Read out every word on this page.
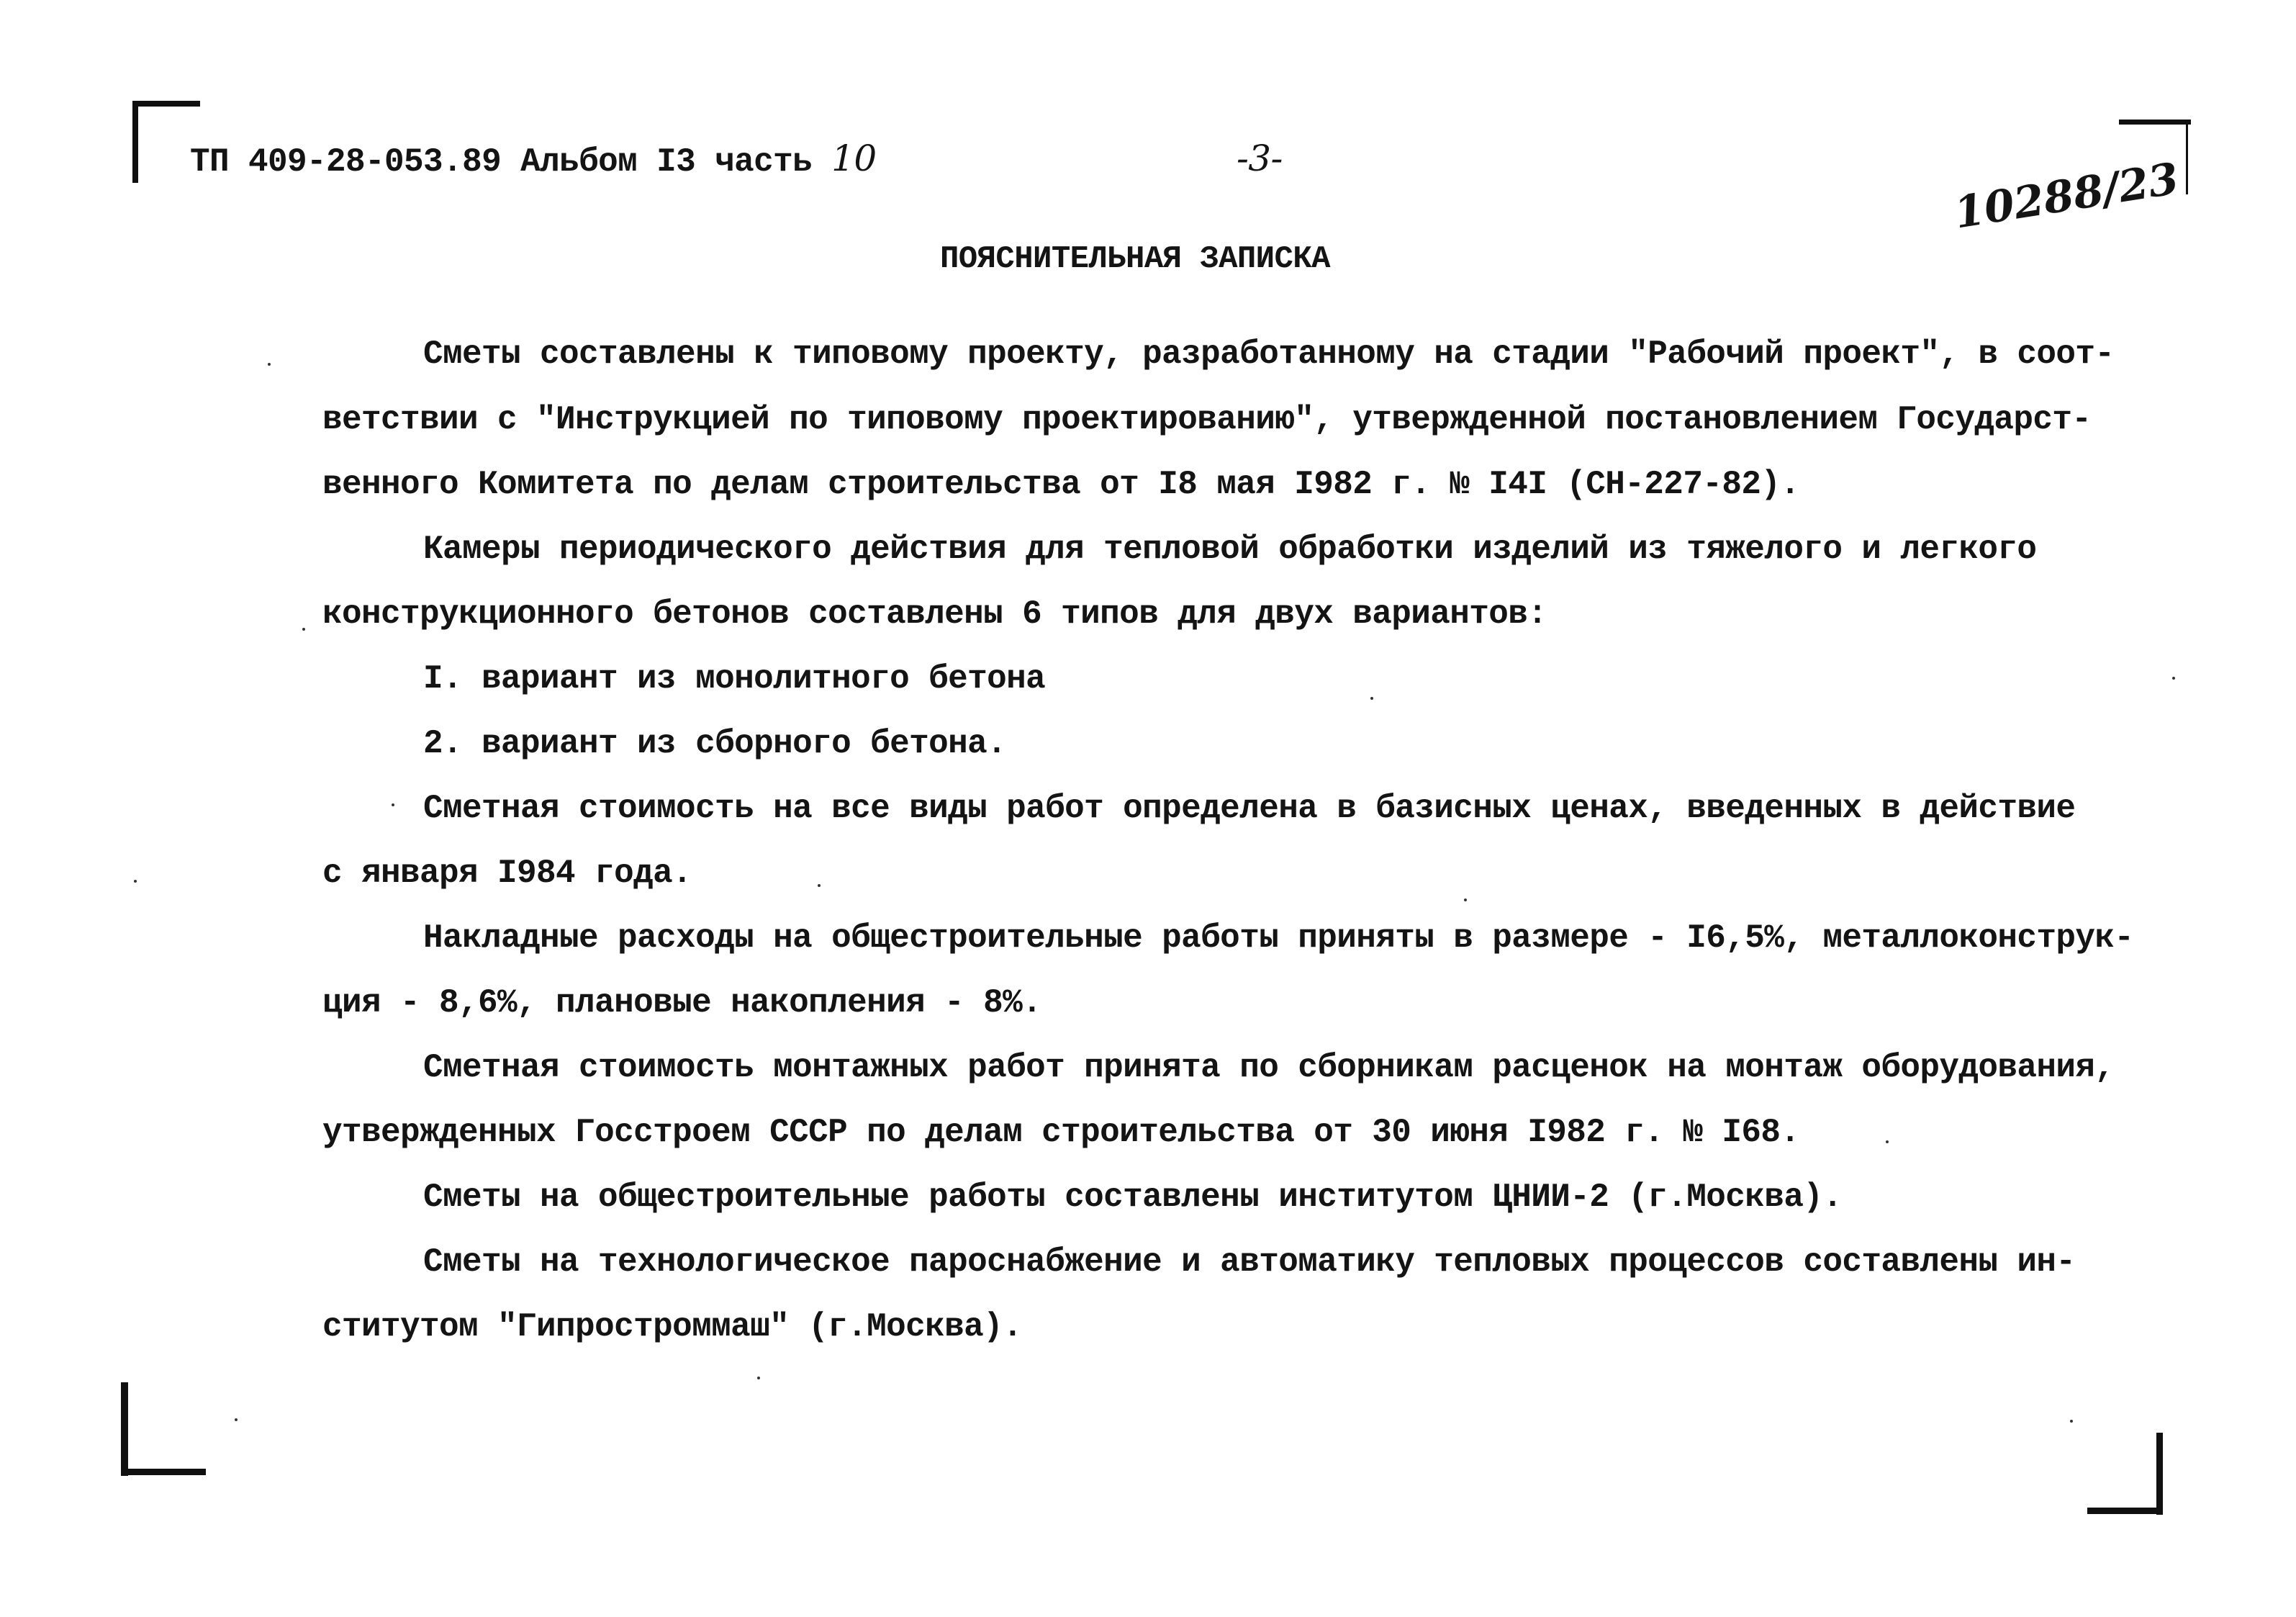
ТП 409-28-053.89 Альбом I3 часть 10	-3-	10288/23
ПОЯСНИТЕЛЬНАЯ ЗАПИСКА
Сметы составлены к типовому проекту, разработанному на стадии "Рабочий проект", в соот-
ветствии с "Инструкцией по типовому проектированию", утвержденной постановлением Государст-
венного Комитета по делам строительства от I8 мая I982 г. № I4I (СН-227-82).
Камеры периодического действия для тепловой обработки изделий из тяжелого и легкого
конструкционного бетонов составлены 6 типов для двух вариантов:
I. вариант из монолитного бетона
2. вариант из сборного бетона.
Сметная стоимость на все виды работ определена в базисных ценах, введенных в действие
с января I984 года.
Накладные расходы на общестроительные работы приняты в размере - I6,5%, металлоконструк-
ция - 8,6%, плановые накопления - 8%.
Сметная стоимость монтажных работ принята по сборникам расценок на монтаж оборудования,
утвержденных Госстроем СССР по делам строительства от 30 июня I982 г. № I68.
Сметы на общестроительные работы составлены институтом ЦНИИ-2 (г.Москва).
Сметы на технологическое пароснабжение и автоматику тепловых процессов составлены ин-
ститутом "Гипростроммаш" (г.Москва).
